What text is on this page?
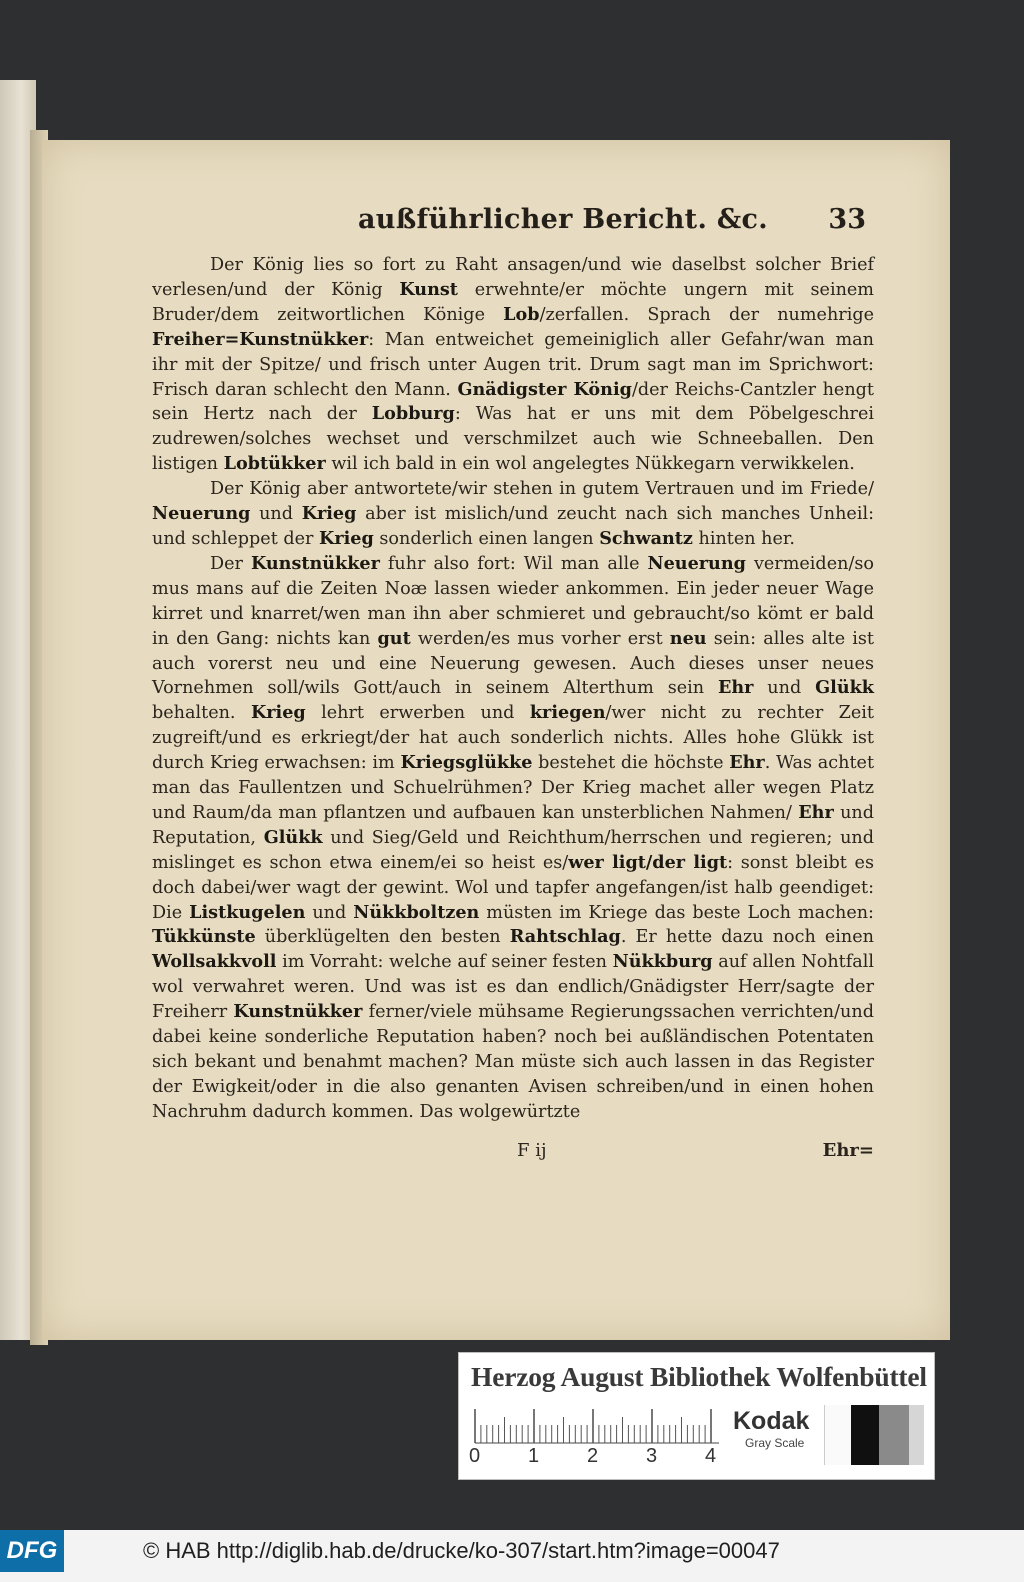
außführlicher Bericht. &c. 33

Der König lies so fort zu Raht ansagen/und wie daselbst solcher Brief verlesen/und der König Kunst erwehnte/er möchte ungern mit seinem Bruder/dem zeitwortlichen Könige Lob/zerfallen. Sprach der numehrige Freiher=Kunstnükker: Man entweichet gemeiniglich aller Gefahr/wan man ihr mit der Spitze/ und frisch unter Augen trit. Drum sagt man im Sprichwort: Frisch daran schlecht den Mann. Gnädigster König/der Reichs-Cantzler hengt sein Hertz nach der Lobburg: Was hat er uns mit dem Pöbelgeschrei zudrewen/solches wechset und verschmilzet auch wie Schneeballen. Den listigen Lobtükker wil ich bald in ein wol angelegtes Nükkegarn verwikkelen.

Der König aber antwortete/wir stehen in gutem Vertrauen und im Friede/ Neuerung und Krieg aber ist mislich/und zeucht nach sich manches Unheil: und schleppet der Krieg sonderlich einen langen Schwantz hinten her.

Der Kunstnükker fuhr also fort: Wil man alle Neuerung vermeiden/so mus mans auf die Zeiten Noæ lassen wieder ankommen. Ein jeder neuer Wage kirret und knarret/wen man ihn aber schmieret und gebraucht/so kömt er bald in den Gang: nichts kan gut werden/es mus vorher erst neu sein: alles alte ist auch vorerst neu und eine Neuerung gewesen. Auch dieses unser neues Vornehmen soll/wils Gott/auch in seinem Alterthum sein Ehr und Glükk behalten. Krieg lehrt erwerben und kriegen/wer nicht zu rechter Zeit zugreift/und es erkriegt/der hat auch sonderlich nichts. Alles hohe Glükk ist durch Krieg erwachsen: im Kriegsglükke bestehet die höchste Ehr. Was achtet man das Faullentzen und Schuelrühmen? Der Krieg machet aller wegen Platz und Raum/da man pflantzen und aufbauen kan unsterblichen Nahmen/ Ehr und Reputation, Glükk und Sieg/Geld und Reichthum/herrschen und regieren; und mislinget es schon etwa einem/ei so heist es/wer ligt/der ligt: sonst bleibt es doch dabei/wer wagt der gewint. Wol und tapfer angefangen/ist halb geendiget: Die Listkugelen und Nükkboltzen müsten im Kriege das beste Loch machen: Tükkünste überklügelten den besten Rahtschlag. Er hette dazu noch einen Wollsakkvoll im Vorraht: welche auf seiner festen Nükkburg auf allen Nohtfall wol verwahret weren. Und was ist es dan endlich/Gnädigster Herr/sagte der Freiherr Kunstnükker ferner/viele mühsame Regierungssachen verrichten/und dabei keine sonderliche Reputation haben? noch bei außländischen Potentaten sich bekant und benahmt machen? Man müste sich auch lassen in das Register der Ewigkeit/oder in die also genanten Avisen schreiben/und in einen hohen Nachruhm dadurch kommen. Das wolgewürtzte

F ij	Ehr=
Herzog August Bibliothek Wolfenbüttel
0 1 2 3 4
Kodak
Gray Scale
DFG	© HAB http://diglib.hab.de/drucke/ko-307/start.htm?image=00047
